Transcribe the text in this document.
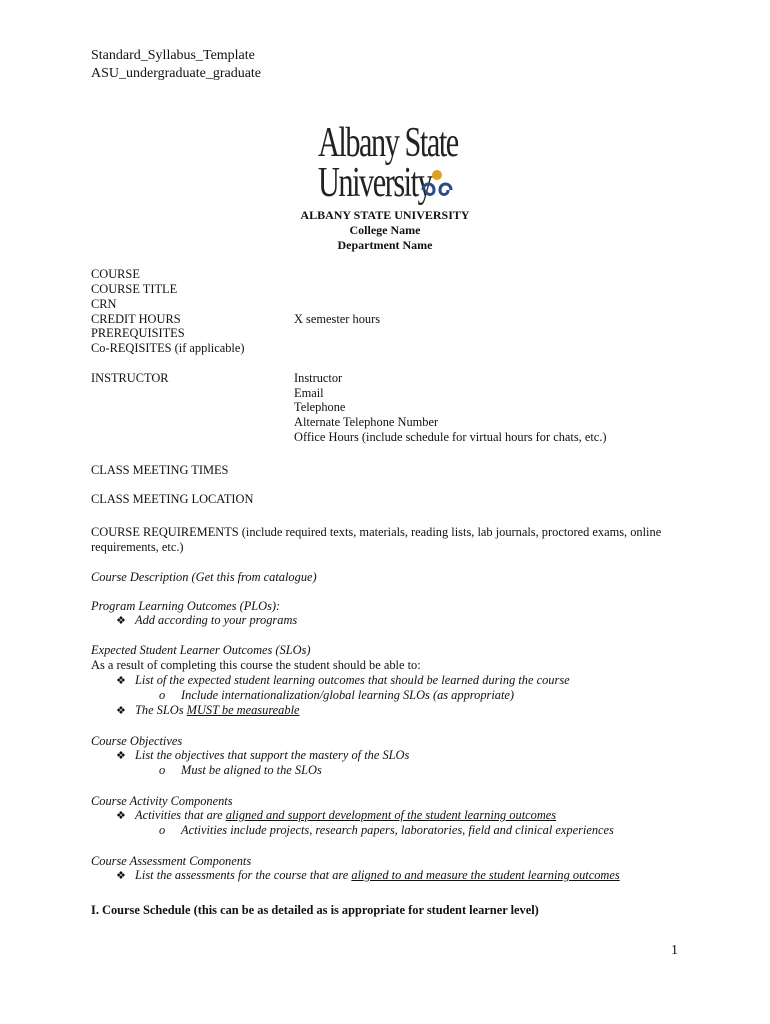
Standard_Syllabus_Template
ASU_undergraduate_graduate
Albany State
University
ALBANY STATE UNIVERSITY
College Name
Department Name
COURSE
COURSE TITLE
CRN
CREDIT HOURS	X semester hours
PREREQUISITES
Co-REQISITES (if applicable)
INSTRUCTOR	Instructor
Email
Telephone
Alternate Telephone Number
Office Hours (include schedule for virtual hours for chats, etc.)
CLASS MEETING TIMES
CLASS MEETING LOCATION
COURSE REQUIREMENTS (include required texts, materials, reading lists, lab journals, proctored exams, online requirements, etc.)
Course Description (Get this from catalogue)
Program Learning Outcomes (PLOs):
❖ Add according to your programs
Expected Student Learner Outcomes (SLOs)
As a result of completing this course the student should be able to:
❖ List of the expected student learning outcomes that should be learned during the course
o Include internationalization/global learning SLOs (as appropriate)
❖ The SLOs MUST be measureable
Course Objectives
❖ List the objectives that support the mastery of the SLOs
o Must be aligned to the SLOs
Course Activity Components
❖ Activities that are aligned and support development of the student learning outcomes
o Activities include projects, research papers, laboratories, field and clinical experiences
Course Assessment Components
❖ List the assessments for the course that are aligned to and measure the student learning outcomes
I. Course Schedule (this can be as detailed as is appropriate for student learner level)
1
